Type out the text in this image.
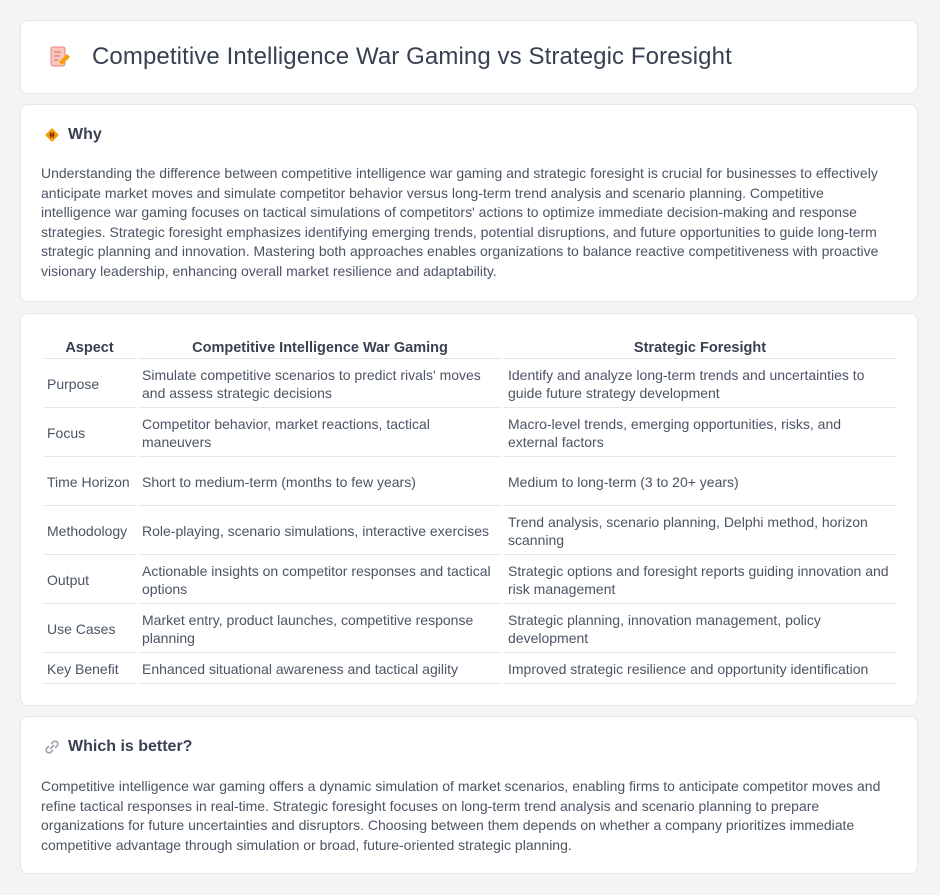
Competitive Intelligence War Gaming vs Strategic Foresight
Why

Understanding the difference between competitive intelligence war gaming and strategic foresight is crucial for businesses to effectively anticipate market moves and simulate competitor behavior versus long-term trend analysis and scenario planning. Competitive intelligence war gaming focuses on tactical simulations of competitors' actions to optimize immediate decision-making and response strategies. Strategic foresight emphasizes identifying emerging trends, potential disruptions, and future opportunities to guide long-term strategic planning and innovation. Mastering both approaches enables organizations to balance reactive competitiveness with proactive visionary leadership, enhancing overall market resilience and adaptability.

Aspect	Competitive Intelligence War Gaming	Strategic Foresight
Purpose	Simulate competitive scenarios to predict rivals' moves and assess strategic decisions	Identify and analyze long-term trends and uncertainties to guide future strategy development
Focus	Competitor behavior, market reactions, tactical maneuvers	Macro-level trends, emerging opportunities, risks, and external factors
Time Horizon	Short to medium-term (months to few years)	Medium to long-term (3 to 20+ years)
Methodology	Role-playing, scenario simulations, interactive exercises	Trend analysis, scenario planning, Delphi method, horizon scanning
Output	Actionable insights on competitor responses and tactical options	Strategic options and foresight reports guiding innovation and risk management
Use Cases	Market entry, product launches, competitive response planning	Strategic planning, innovation management, policy development
Key Benefit	Enhanced situational awareness and tactical agility	Improved strategic resilience and opportunity identification
Which is better?

Competitive intelligence war gaming offers a dynamic simulation of market scenarios, enabling firms to anticipate competitor moves and refine tactical responses in real-time. Strategic foresight focuses on long-term trend analysis and scenario planning to prepare organizations for future uncertainties and disruptors. Choosing between them depends on whether a company prioritizes immediate competitive advantage through simulation or broad, future-oriented strategic planning.
